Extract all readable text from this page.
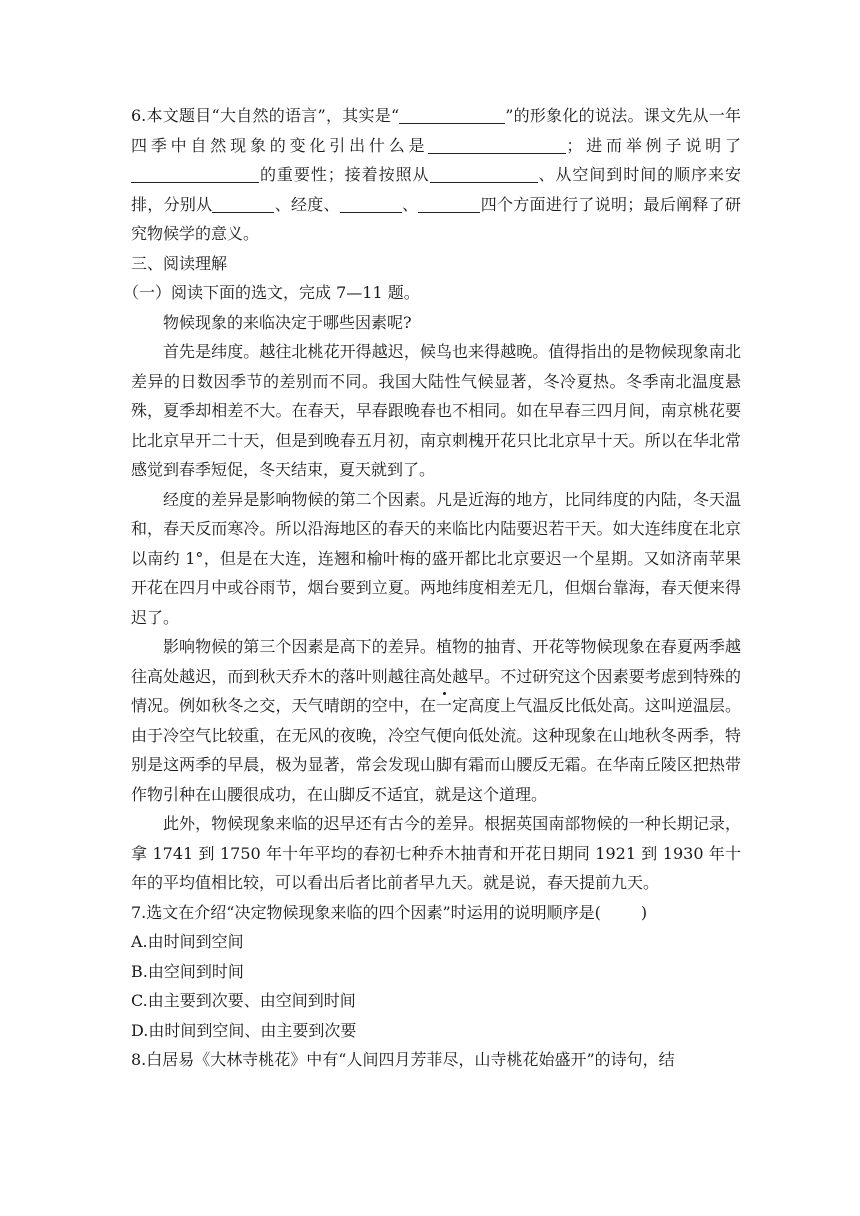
6.本文题目“大自然的语言”，其实是“	”的形象化的说法。课文先从一年四季中自然现象的变化引出什么是	；进而举例子说明了的重要性；接着按照从	、从空间到时间的顺序来安排，分别从	、经度、	、	四个方面进行了说明；最后阐释了研究物候学的意义。

三、阅读理解

（一）阅读下面的选文，完成 7—11 题。

物候现象的来临决定于哪些因素呢?

首先是纬度。越往北桃花开得越迟，候鸟也来得越晚。值得指出的是物候现象南北差异的日数因季节的差别而不同。我国大陆性气候显著，冬冷夏热。冬季南北温度悬殊，夏季却相差不大。在春天，早春跟晚春也不相同。如在早春三四月间，南京桃花要比北京早开二十天，但是到晚春五月初，南京刺槐开花只比北京早十天。所以在华北常感觉到春季短促，冬天结束，夏天就到了。

经度的差异是影响物候的第二个因素。凡是近海的地方，比同纬度的内陆，冬天温和，春天反而寒冷。所以沿海地区的春天的来临比内陆要迟若干天。如大连纬度在北京以南约 1°，但是在大连，连翘和榆叶梅的盛开都比北京要迟一个星期。又如济南苹果开花在四月中或谷雨节，烟台要到立夏。两地纬度相差无几，但烟台靠海，春天便来得迟了。

影响物候的第三个因素是高下的差异。植物的抽青、开花等物候现象在春夏两季越往高处越迟，而到秋天乔木的落叶则越往高处越早。不过研究这个因素要考虑到特殊的情况。例如秋冬之交，天气晴朗的空中，在一定高度上气温反比低处高。这叫逆温层。由于冷空气比较重，在无风的夜晚，冷空气便向低处流。这种现象在山地秋冬两季，特别是这两季的早晨，极为显著，常会发现山脚有霜而山腰反无霜。在华南丘陵区把热带作物引种在山腰很成功，在山脚反不适宜，就是这个道理。

此外，物候现象来临的迟早还有古今的差异。根据英国南部物候的一种长期记录，拿 1741 到 1750 年十年平均的春初七种乔木抽青和开花日期同 1921 到 1930 年十年的平均值相比较，可以看出后者比前者早九天。就是说，春天提前九天。

7.选文在介绍“决定物候现象来临的四个因素”时运用的说明顺序是(	)

A.由时间到空间

B.由空间到时间

C.由主要到次要、由空间到时间

D.由时间到空间、由主要到次要

8.白居易《大林寺桃花》中有“人间四月芳菲尽，山寺桃花始盛开”的诗句，结
